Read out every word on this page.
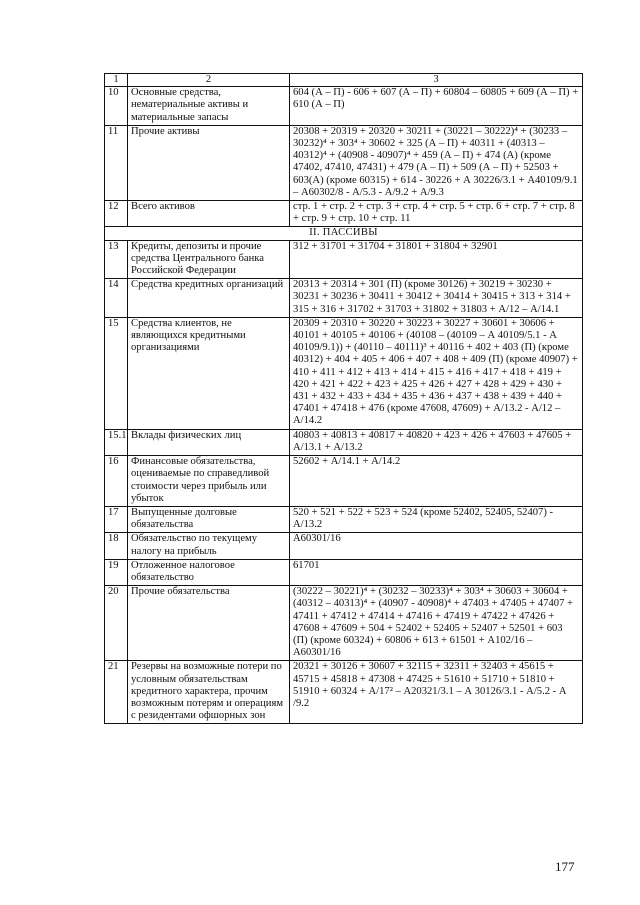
1	2	3
10	Основные средства, нематериальные активы и материальные запасы	604 (А – П) - 606 + 607 (А – П) + 60804 – 60805 + 609 (А – П) + 610 (А – П)
11	Прочие активы	20308 + 20319 + 20320 + 30211 + (30221 – 30222)⁴ + (30233 – 30232)⁴ + 303⁴ + 30602 + 325 (А – П) + 40311 + (40313 – 40312)⁴ + (40908 - 40907)⁴ + 459 (А – П) + 474 (А) (кроме 47402, 47410, 47431) + 479 (А – П) + 509 (А – П) + 52503 + 603(А) (кроме 60315) + 614 - 30226 + А 30226/3.1 + А40109/9.1 – А60302/8 - А/5.3 - А/9.2 + А/9.3
12	Всего активов	стр. 1 + стр. 2 + стр. 3 + стр. 4 + стр. 5 + стр. 6 + стр. 7 + стр. 8 + стр. 9 + стр. 10 + стр. 11
II. ПАССИВЫ		
13	Кредиты, депозиты и прочие средства Центрального банка Российской Федерации	312 + 31701 + 31704 + 31801 + 31804 + 32901
14	Средства кредитных организаций	20313 + 20314 + 301 (П) (кроме 30126) + 30219 + 30230 + 30231 + 30236 + 30411 + 30412 + 30414 + 30415 + 313 + 314 + 315 + 316 + 31702 + 31703 + 31802 + 31803 + А/12 – А/14.1
15	Средства клиентов, не являющихся кредитными организациями	20309 + 20310 + 30220 + 30223 + 30227 + 30601 + 30606 + 40101 + 40105 + 40106 + (40108 – (40109 – А 40109/5.1 - А 40109/9.1)) + (40110 – 40111)³ + 40116 + 402 + 403 (П) (кроме 40312) + 404 + 405 + 406 + 407 + 408 + 409 (П) (кроме 40907) + 410 + 411 + 412 + 413 + 414 + 415 + 416 + 417 + 418 + 419 + 420 + 421 + 422 + 423 + 425 + 426 + 427 + 428 + 429 + 430 + 431 + 432 + 433 + 434 + 435 + 436 + 437 + 438 + 439 + 440 + 47401 + 47418 + 476 (кроме 47608, 47609) + А/13.2 - А/12 – А/14.2
15.1	Вклады физических лиц	40803 + 40813 + 40817 + 40820 + 423 + 426 + 47603 + 47605 + А/13.1 + А/13.2
16	Финансовые обязательства, оцениваемые по справедливой стоимости через прибыль или убыток	52602 + А/14.1 + А/14.2
17	Выпущенные долговые обязательства	520 + 521 + 522 + 523 + 524 (кроме 52402, 52405, 52407) - А/13.2
18	Обязательство по текущему налогу на прибыль	А60301/16
19	Отложенное налоговое обязательство	61701
20	Прочие обязательства	(30222 – 30221)⁴ + (30232 – 30233)⁴ + 303⁴ + 30603 + 30604 + (40312 – 40313)⁴ + (40907 - 40908)⁴ + 47403 + 47405 + 47407 + 47411 + 47412 + 47414 + 47416 + 47419 + 47422 + 47426 + 47608 + 47609 + 504 + 52402 + 52405 + 52407 + 52501 + 603 (П) (кроме 60324) + 60806 + 613 + 61501 + А102/16 – А60301/16
21	Резервы на возможные потери по условным обязательствам кредитного характера, прочим возможным потерям и операциям с резидентами офшорных зон	20321 + 30126 + 30607 + 32115 + 32311 + 32403 + 45615 + 45715 + 45818 + 47308 + 47425 + 51610 + 51710 + 51810 + 51910 + 60324 + А/17² – А20321/3.1 – А 30126/3.1 - А/5.2 - А /9.2
177
